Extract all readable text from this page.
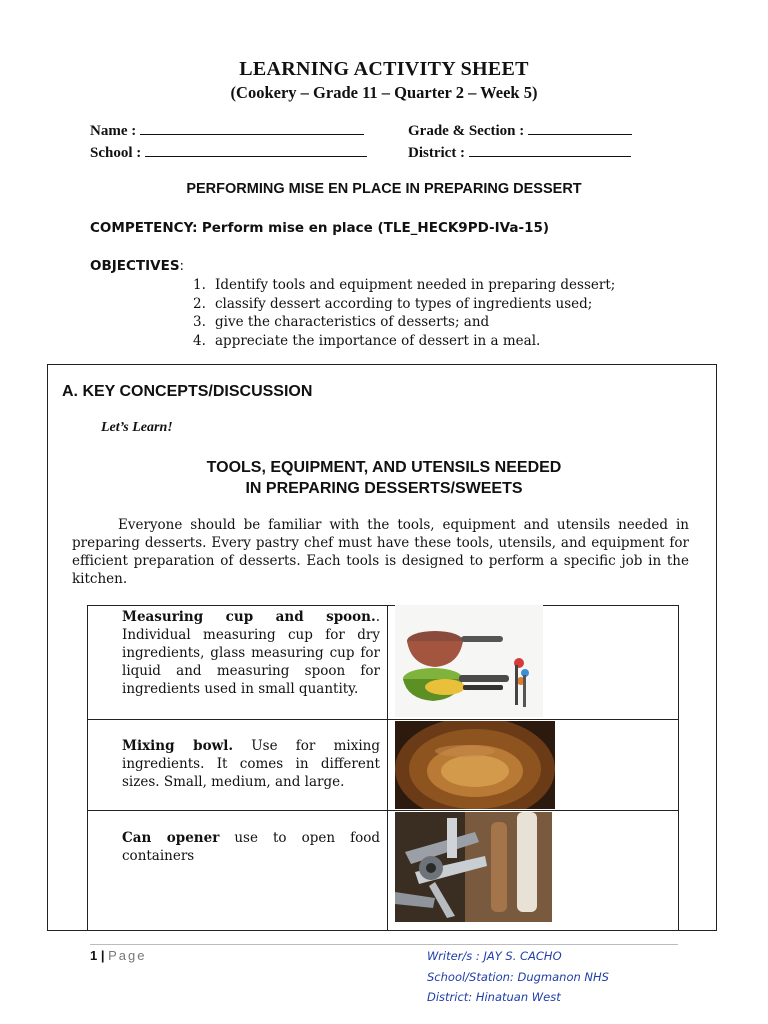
LEARNING ACTIVITY SHEET
(Cookery – Grade 11 – Quarter 2 – Week 5)
Name :	Grade & Section :
School :	District :
PERFORMING MISE EN PLACE IN PREPARING DESSERT
COMPETENCY: Perform mise en place (TLE_HECK9PD-IVa-15)
OBJECTIVES:
1. Identify tools and equipment needed in preparing dessert;
2. classify dessert according to types of ingredients used;
3. give the characteristics of desserts; and
4. appreciate the importance of dessert in a meal.
A. KEY CONCEPTS/DISCUSSION
Let’s Learn!
TOOLS, EQUIPMENT, AND UTENSILS NEEDED
IN PREPARING DESSERTS/SWEETS
Everyone should be familiar with the tools, equipment and utensils needed in preparing desserts. Every pastry chef must have these tools, utensils, and equipment for efficient preparation of desserts. Each tools is designed to perform a specific job in the kitchen.
Measuring cup and spoon.. Individual measuring cup for dry ingredients, glass measuring cup for liquid and measuring spoon for ingredients used in small quantity.
Mixing bowl. Use for mixing ingredients. It comes in different sizes. Small, medium, and large.
Can opener use to open food containers
1 | Page	Writer/s : JAY S. CACHO
School/Station: Dugmanon NHS
District: Hinatuan West
